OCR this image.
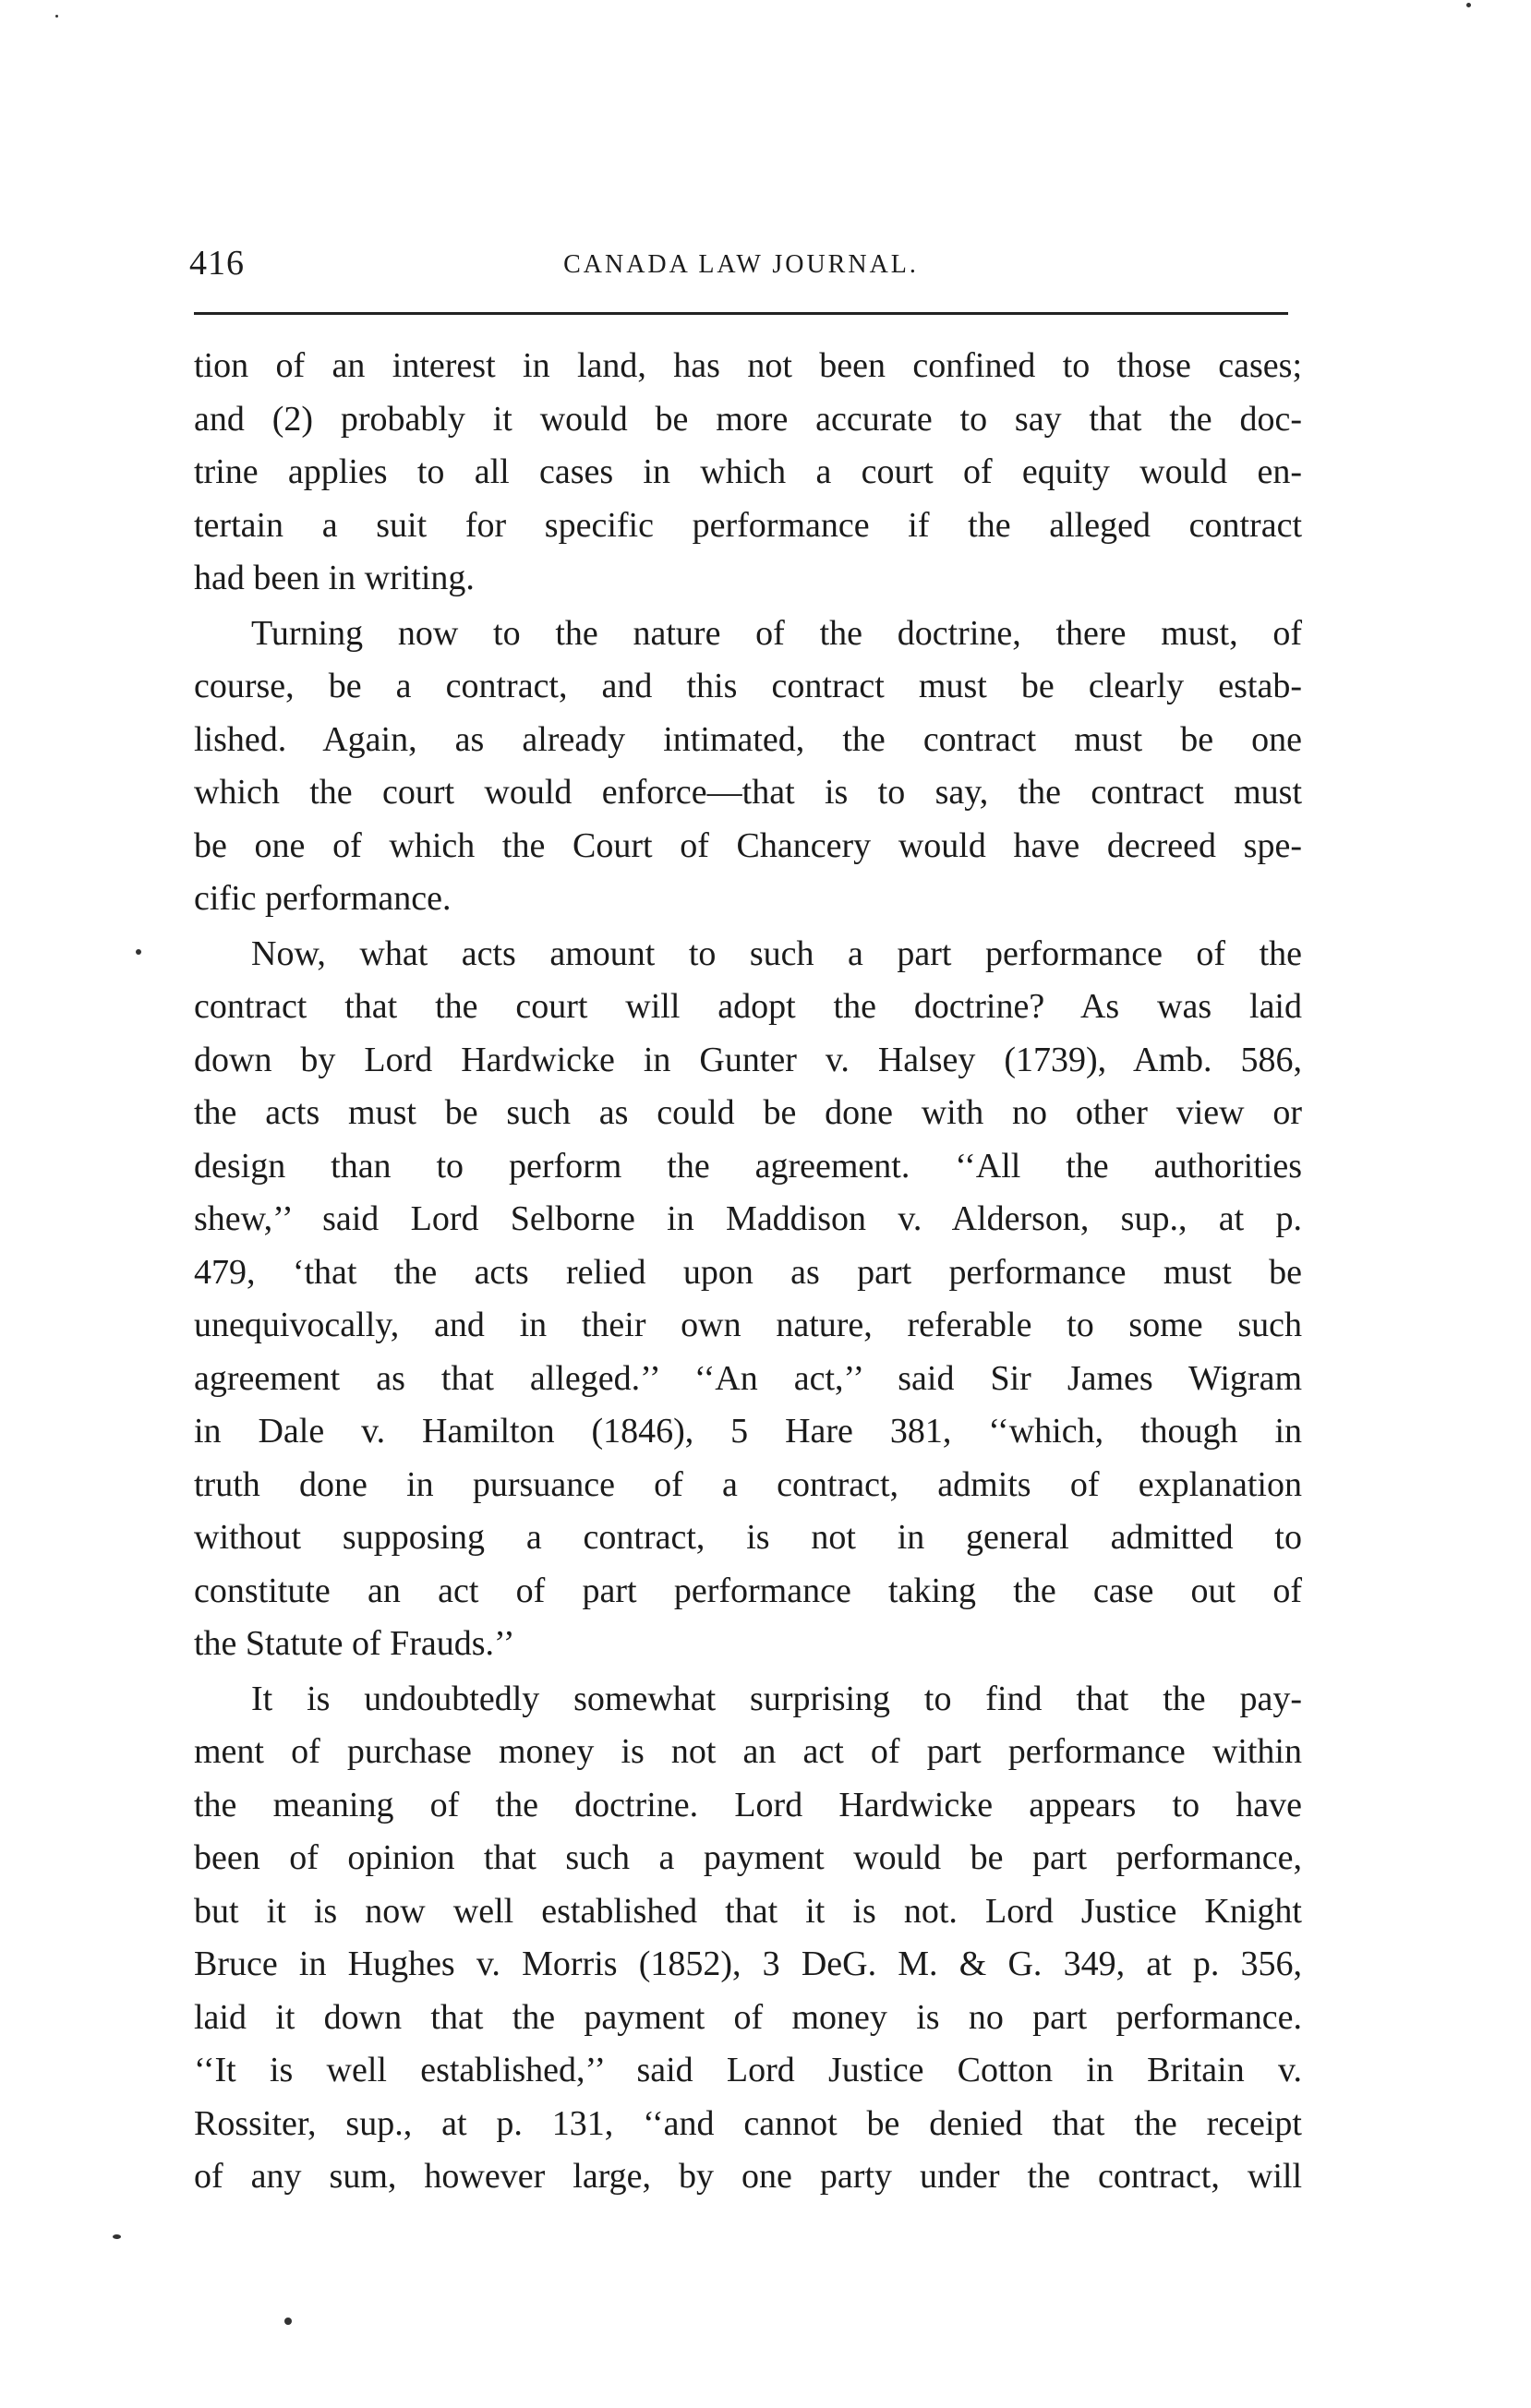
416	CANADA LAW JOURNAL.
tion of an interest in land, has not been confined to those cases;
and (2) probably it would be more accurate to say that the doc-
trine applies to all cases in which a court of equity would en-
tertain a suit for specific performance if the alleged contract
had been in writing.
Turning now to the nature of the doctrine, there must, of
course, be a contract, and this contract must be clearly estab-
lished. Again, as already intimated, the contract must be one
which the court would enforce—that is to say, the contract must
be one of which the Court of Chancery would have decreed spe-
cific performance.
Now, what acts amount to such a part performance of the
contract that the court will adopt the doctrine? As was laid
down by Lord Hardwicke in Gunter v. Halsey (1739), Amb. 586,
the acts must be such as could be done with no other view or
design than to perform the agreement. ‘‘All the authorities
shew,’’ said Lord Selborne in Maddison v. Alderson, sup., at p.
479, ‘that the acts relied upon as part performance must be
unequivocally, and in their own nature, referable to some such
agreement as that alleged.’’ ‘‘An act,’’ said Sir James Wigram
in Dale v. Hamilton (1846), 5 Hare 381, ‘‘which, though in
truth done in pursuance of a contract, admits of explanation
without supposing a contract, is not in general admitted to
constitute an act of part performance taking the case out of
the Statute of Frauds.’’
It is undoubtedly somewhat surprising to find that the pay-
ment of purchase money is not an act of part performance within
the meaning of the doctrine. Lord Hardwicke appears to have
been of opinion that such a payment would be part performance,
but it is now well established that it is not. Lord Justice Knight
Bruce in Hughes v. Morris (1852), 3 DeG. M. & G. 349, at p. 356,
laid it down that the payment of money is no part performance.
‘‘It is well established,’’ said Lord Justice Cotton in Britain v.
Rossiter, sup., at p. 131, ‘‘and cannot be denied that the receipt
of any sum, however large, by one party under the contract, will
